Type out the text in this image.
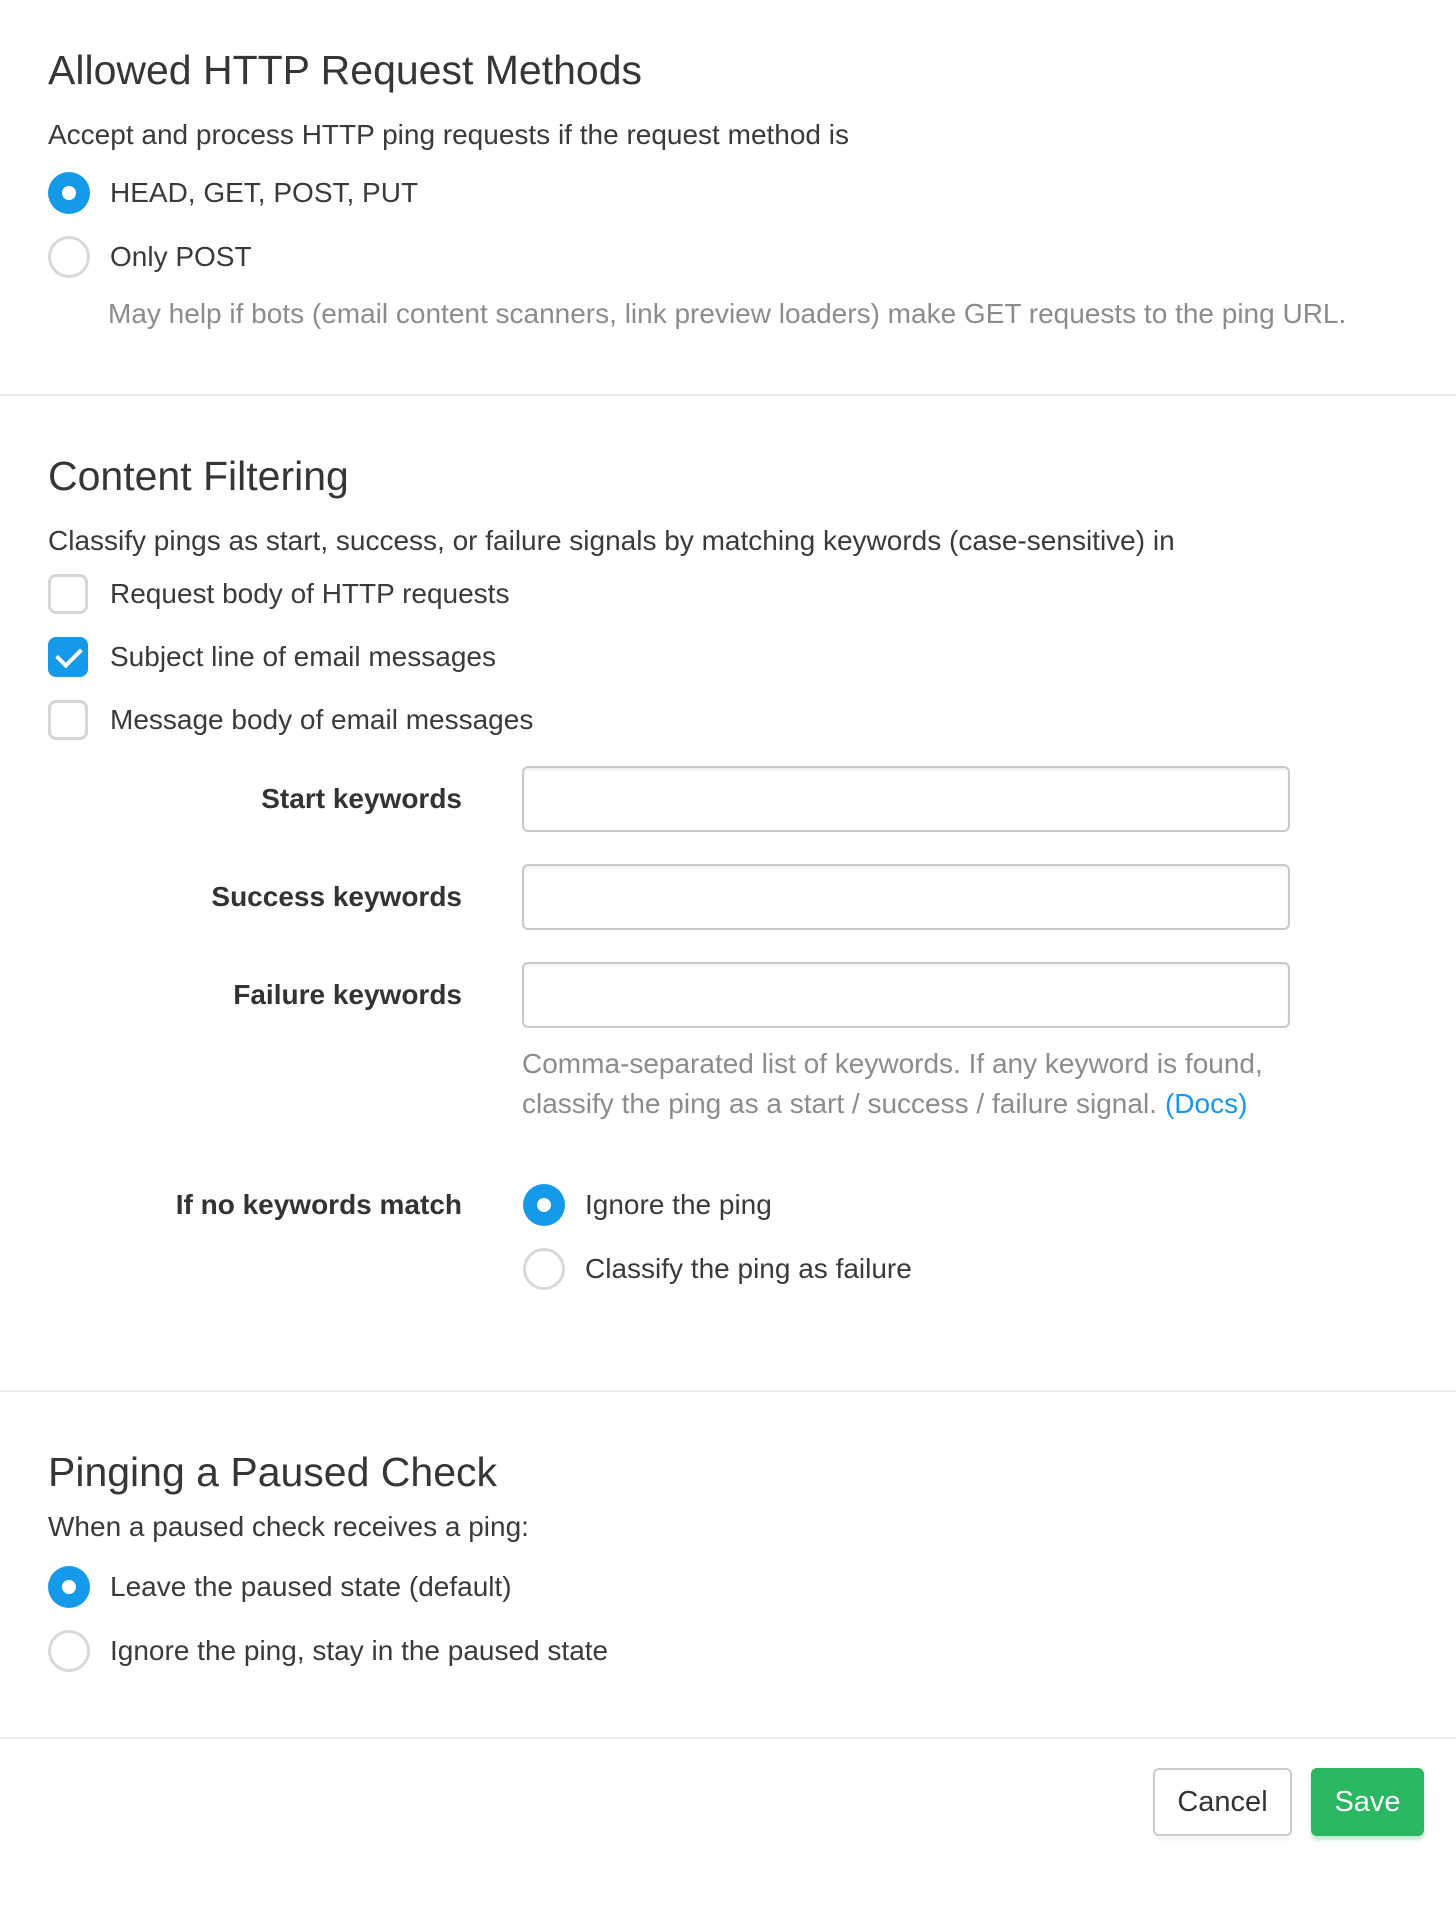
Allowed HTTP Request Methods

Accept and process HTTP ping requests if the request method is

HEAD, GET, POST, PUT
Only POST
May help if bots (email content scanners, link preview loaders) make GET requests to the ping URL.
Content Filtering

Classify pings as start, success, or failure signals by matching keywords (case-sensitive) in

Request body of HTTP requests
Subject line of email messages
Message body of email messages
Start keywords
Success keywords
Failure keywords
Comma-separated list of keywords. If any keyword is found,
classify the ping as a start / success / failure signal. (Docs)
If no keywords match	Ignore the ping
Classify the ping as failure
Pinging a Paused Check

When a paused check receives a ping:

Leave the paused state (default)
Ignore the ping, stay in the paused state
Cancel	Save
